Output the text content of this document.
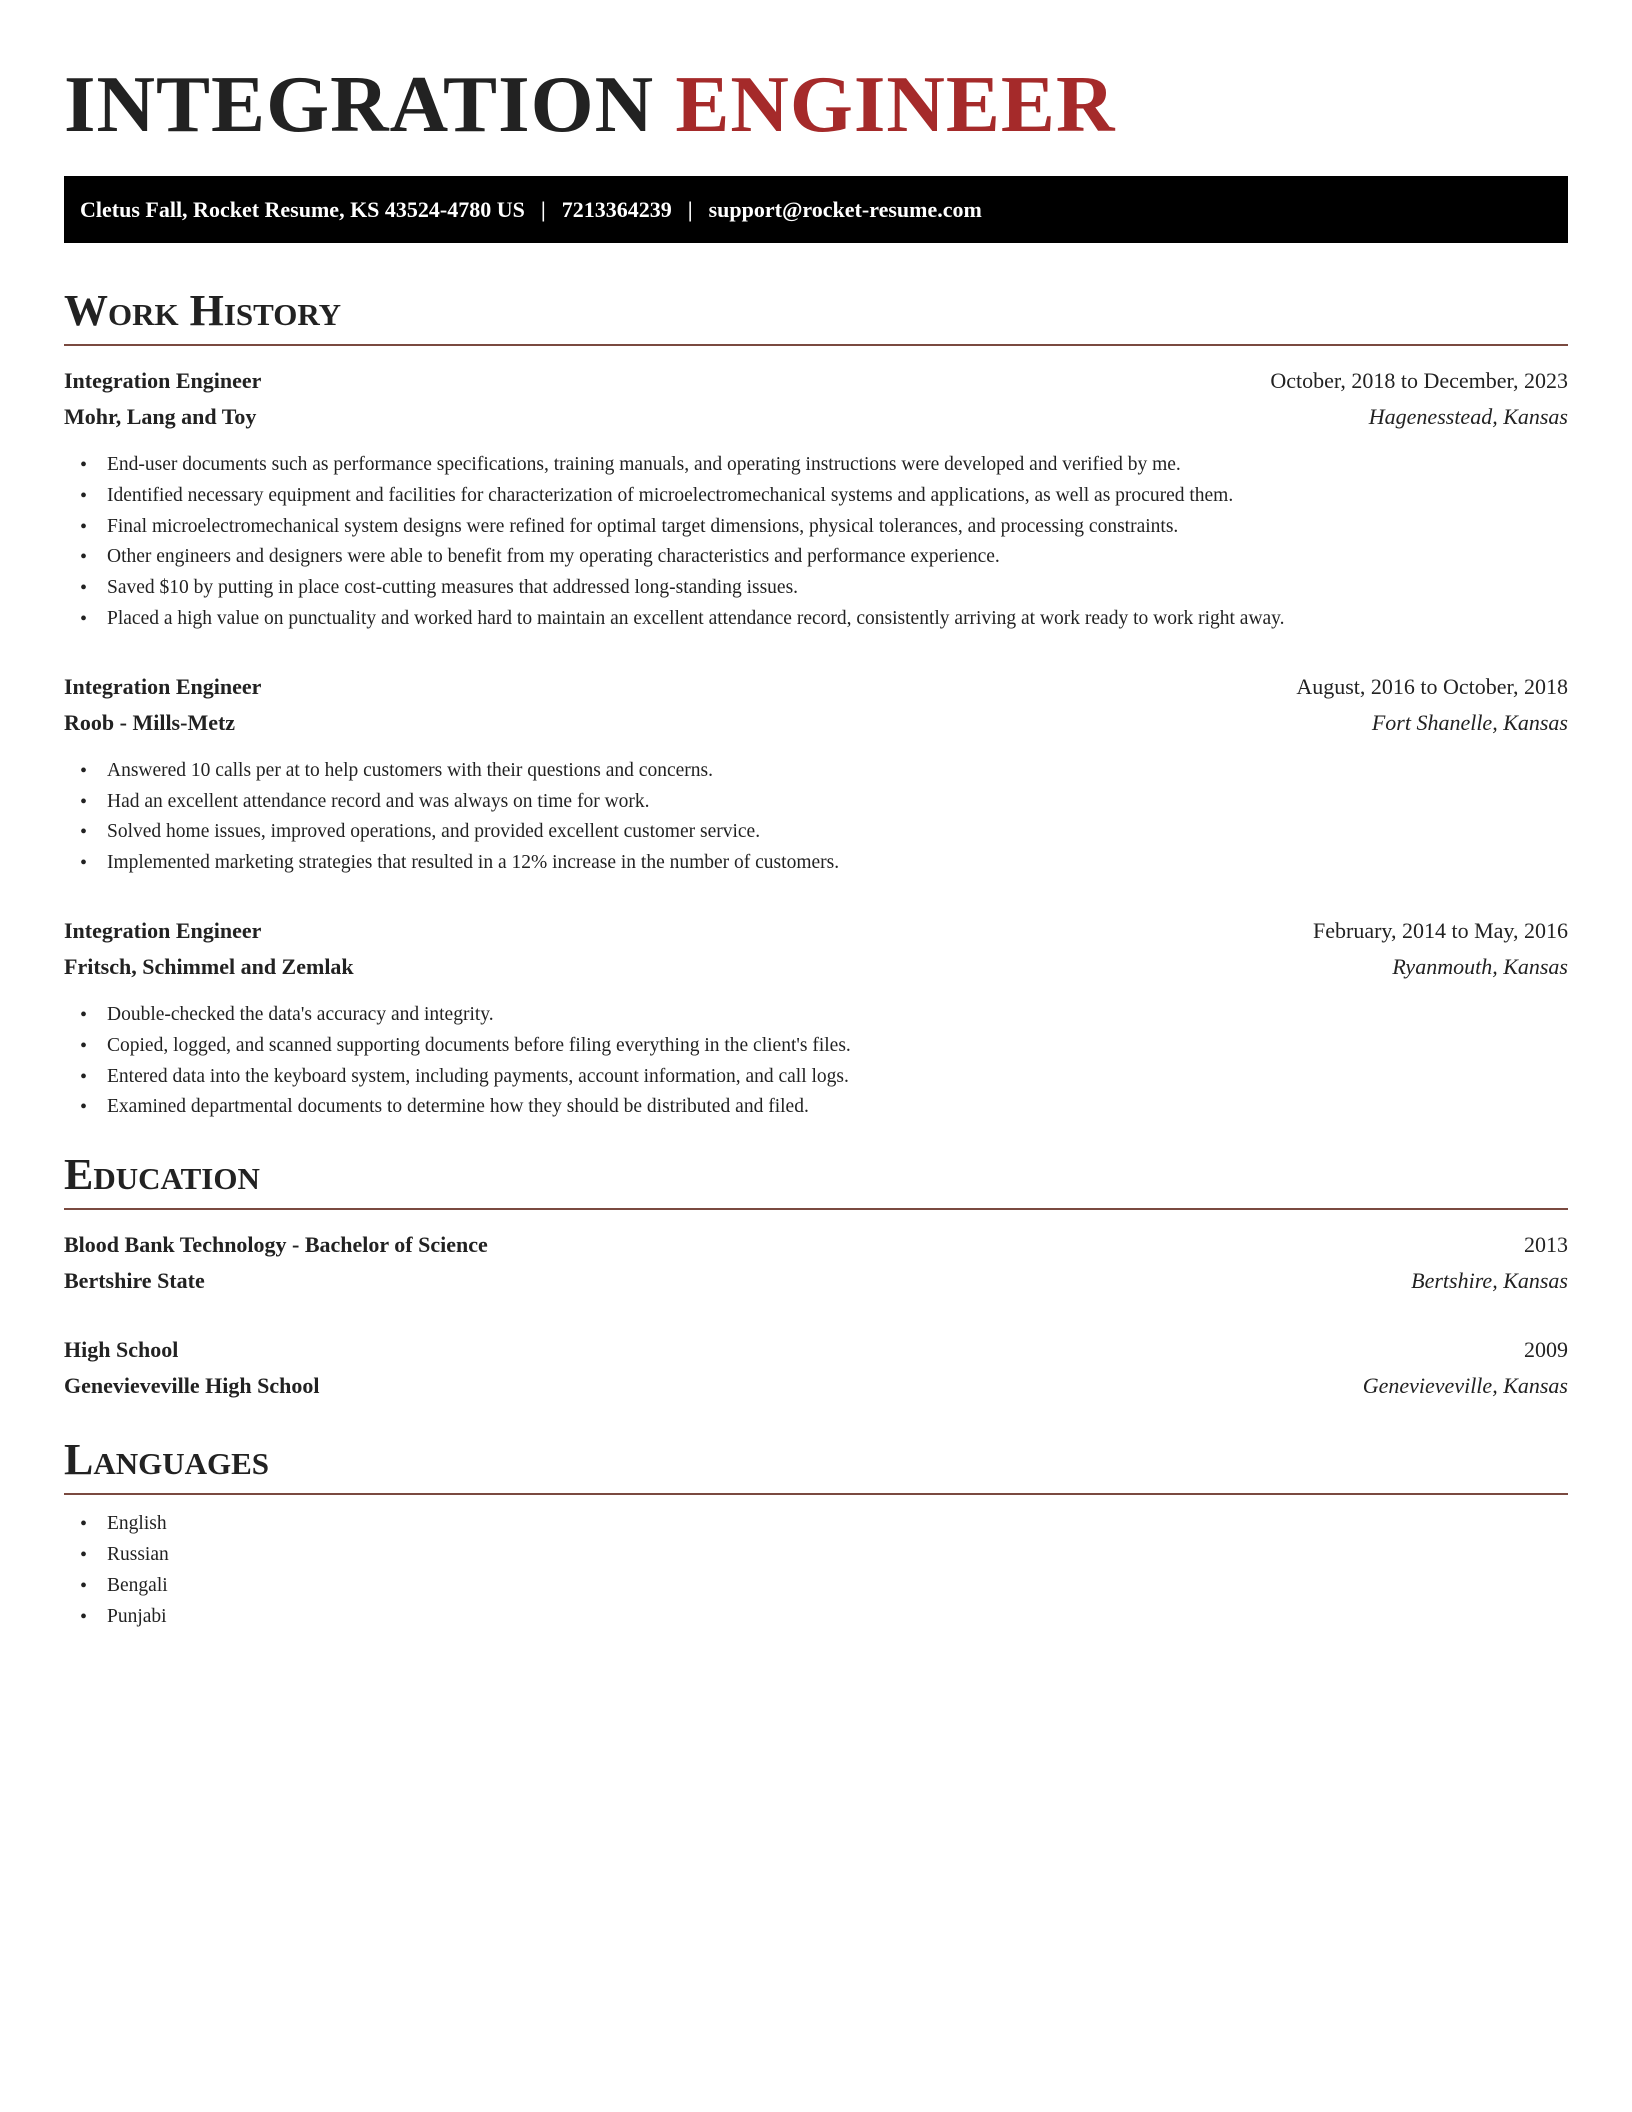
INTEGRATION ENGINEER
Cletus Fall, Rocket Resume, KS 43524-4780 US | 7213364239 | support@rocket-resume.com
Work History
Integration Engineer	October, 2018 to December, 2023
Mohr, Lang and Toy	Hagenesstead, Kansas
• End-user documents such as performance specifications, training manuals, and operating instructions were developed and verified by me.
• Identified necessary equipment and facilities for characterization of microelectromechanical systems and applications, as well as procured them.
• Final microelectromechanical system designs were refined for optimal target dimensions, physical tolerances, and processing constraints.
• Other engineers and designers were able to benefit from my operating characteristics and performance experience.
• Saved $10 by putting in place cost-cutting measures that addressed long-standing issues.
• Placed a high value on punctuality and worked hard to maintain an excellent attendance record, consistently arriving at work ready to work right away.
Integration Engineer	August, 2016 to October, 2018
Roob - Mills-Metz	Fort Shanelle, Kansas
• Answered 10 calls per at to help customers with their questions and concerns.
• Had an excellent attendance record and was always on time for work.
• Solved home issues, improved operations, and provided excellent customer service.
• Implemented marketing strategies that resulted in a 12% increase in the number of customers.
Integration Engineer	February, 2014 to May, 2016
Fritsch, Schimmel and Zemlak	Ryanmouth, Kansas
• Double-checked the data's accuracy and integrity.
• Copied, logged, and scanned supporting documents before filing everything in the client's files.
• Entered data into the keyboard system, including payments, account information, and call logs.
• Examined departmental documents to determine how they should be distributed and filed.
Education
Blood Bank Technology - Bachelor of Science	2013
Bertshire State	Bertshire, Kansas
High School	2009
Genevieveville High School	Genevieveville, Kansas
Languages
• English
• Russian
• Bengali
• Punjabi
